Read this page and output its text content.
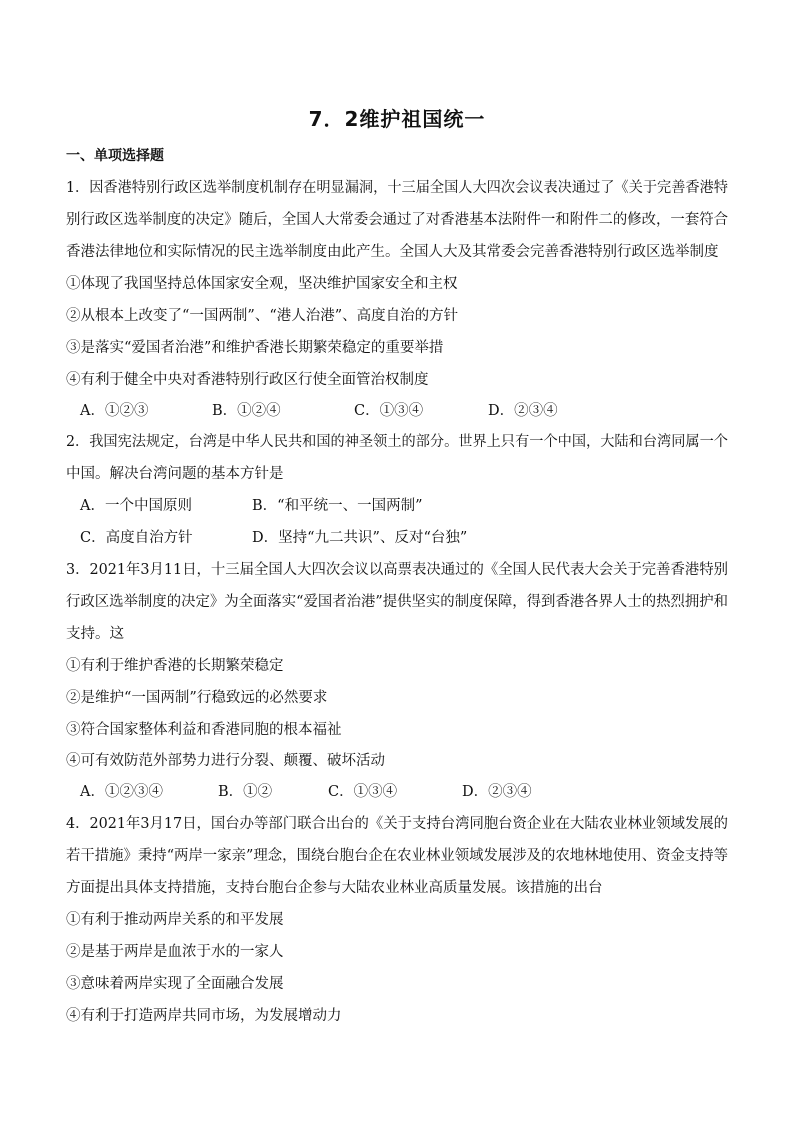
7．2维护祖国统一
一、单项选择题
1．因香港特别行政区选举制度机制存在明显漏洞，十三届全国人大四次会议表决通过了《关于完善香港特
别行政区选举制度的决定》随后，全国人大常委会通过了对香港基本法附件一和附件二的修改，一套符合
香港法律地位和实际情况的民主选举制度由此产生。全国人大及其常委会完善香港特别行政区选举制度
①体现了我国坚持总体国家安全观，坚决维护国家安全和主权
②从根本上改变了“一国两制”、“港人治港”、高度自治的方针
③是落实“爱国者治港”和维护香港长期繁荣稳定的重要举措
④有利于健全中央对香港特别行政区行使全面管治权制度
A．①②③	B．①②④	C．①③④	D．②③④
2．我国宪法规定，台湾是中华人民共和国的神圣领土的部分。世界上只有一个中国，大陆和台湾同属一个
中国。解决台湾问题的基本方针是
A．一个中国原则	B．“和平统一、一国两制”
C．高度自治方针	D．坚持“九二共识”、反对“台独”
3．2021年3月11日，十三届全国人大四次会议以高票表决通过的《全国人民代表大会关于完善香港特别
行政区选举制度的决定》为全面落实“爱国者治港”提供坚实的制度保障，得到香港各界人士的热烈拥护和
支持。这
①有利于维护香港的长期繁荣稳定
②是维护“一国两制”行稳致远的必然要求
③符合国家整体利益和香港同胞的根本福祉
④可有效防范外部势力进行分裂、颠覆、破坏活动
A．①②③④	B．①②	C．①③④	D．②③④
4．2021年3月17日，国台办等部门联合出台的《关于支持台湾同胞台资企业在大陆农业林业领域发展的
若干措施》秉持“两岸一家亲”理念，围绕台胞台企在农业林业领域发展涉及的农地林地使用、资金支持等
方面提出具体支持措施，支持台胞台企参与大陆农业林业高质量发展。该措施的出台
①有利于推动两岸关系的和平发展
②是基于两岸是血浓于水的一家人
③意味着两岸实现了全面融合发展
④有利于打造两岸共同市场，为发展增动力
